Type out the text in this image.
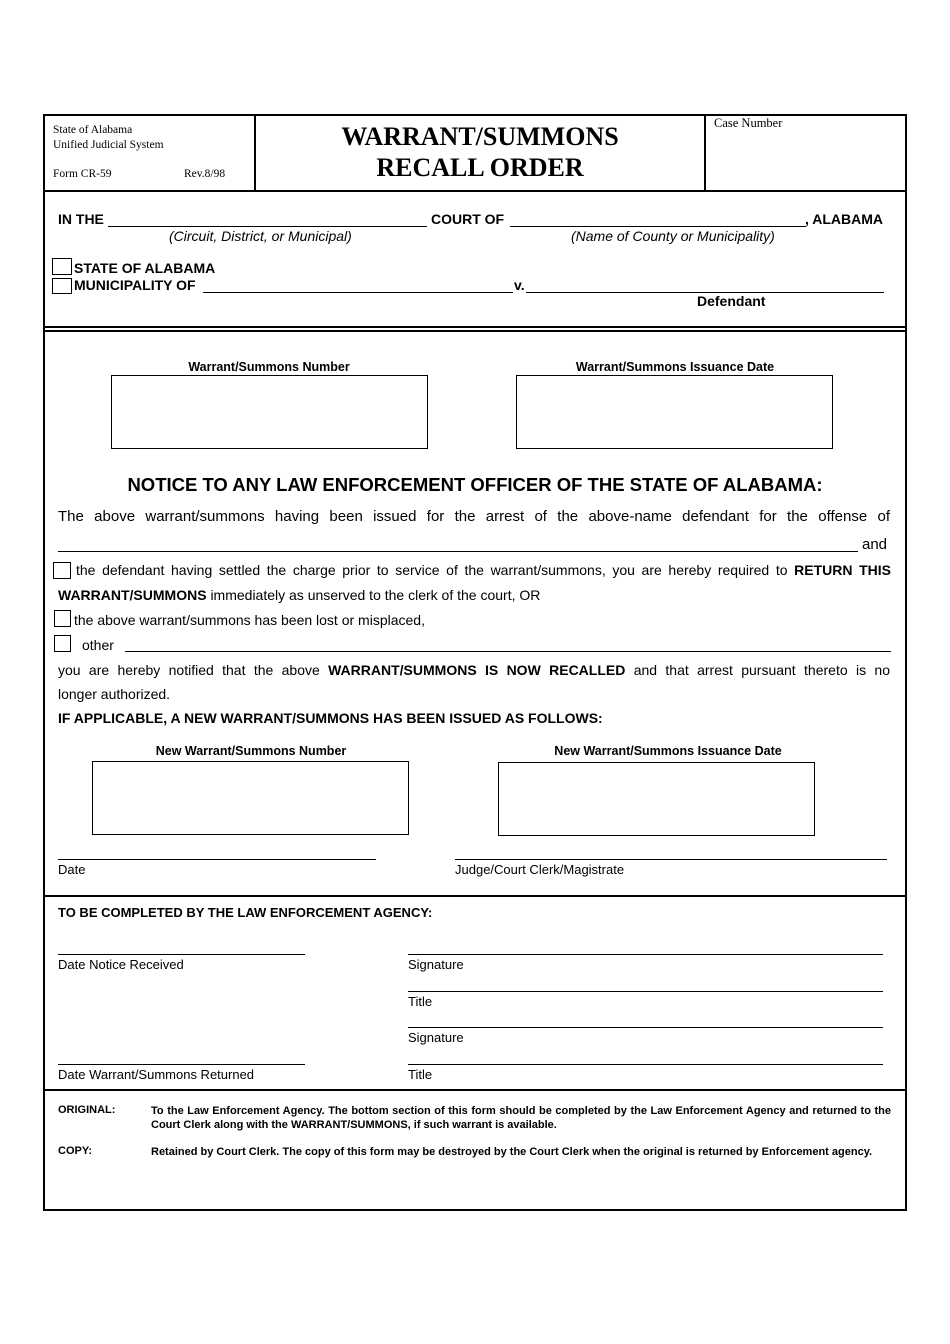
State of Alabama
Unified Judicial System
Form CR-59	Rev.8/98
WARRANT/SUMMONS
RECALL ORDER
Case Number
IN THE	COURT OF	, ALABAMA
(Circuit, District, or Municipal)	(Name of County or Municipality)
STATE OF ALABAMA
MUNICIPALITY OF	v.
Defendant
Warrant/Summons Number	Warrant/Summons Issuance Date
NOTICE TO ANY LAW ENFORCEMENT OFFICER OF THE STATE OF ALABAMA:
The above warrant/summons having been issued for the arrest of the above-name defendant for the offense of
and
the defendant having settled the charge prior to service of the warrant/summons, you are hereby required to RETURN THIS
WARRANT/SUMMONS immediately as unserved to the clerk of the court, OR
the above warrant/summons has been lost or misplaced,
other
you are hereby notified that the above WARRANT/SUMMONS IS NOW RECALLED and that arrest pursuant thereto is no
longer authorized.
IF APPLICABLE, A NEW WARRANT/SUMMONS HAS BEEN ISSUED AS FOLLOWS:
New Warrant/Summons Number	New Warrant/Summons Issuance Date
Date	Judge/Court Clerk/Magistrate
TO BE COMPLETED BY THE LAW ENFORCEMENT AGENCY:
Date Notice Received	Signature
Title
Signature
Date Warrant/Summons Returned	Title
ORIGINAL:	To the Law Enforcement Agency. The bottom section of this form should be completed by the Law Enforcement Agency and returned to the Court Clerk along with the WARRANT/SUMMONS, if such warrant is available.
COPY:	Retained by Court Clerk. The copy of this form may be destroyed by the Court Clerk when the original is returned by Enforcement agency.
